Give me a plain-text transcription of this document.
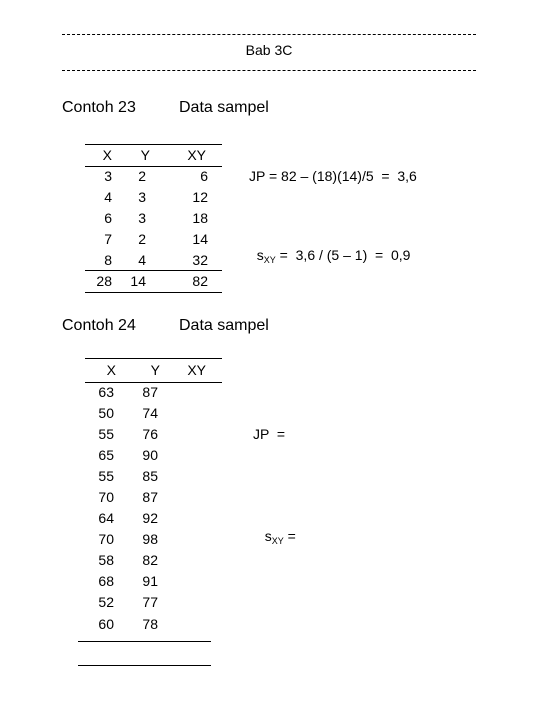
Bab 3C
Contoh 23	Data sampel
X	Y	XY
3	2	6
4	3	12
6	3	18
7	2	14
8	4	32
28	14	82
JP = 82 – (18)(14)/5  =  3,6

$s_{XY} = 3,6 / (5 - 1) = 0,9$

Contoh 24	Data sampel
X	Y	XY
63	87
50	74
55	76
65	90
55	85
70	87
64	92
70	98
58	82
68	91
52	77
60	78
JP  =

$s_{XY}$ =
